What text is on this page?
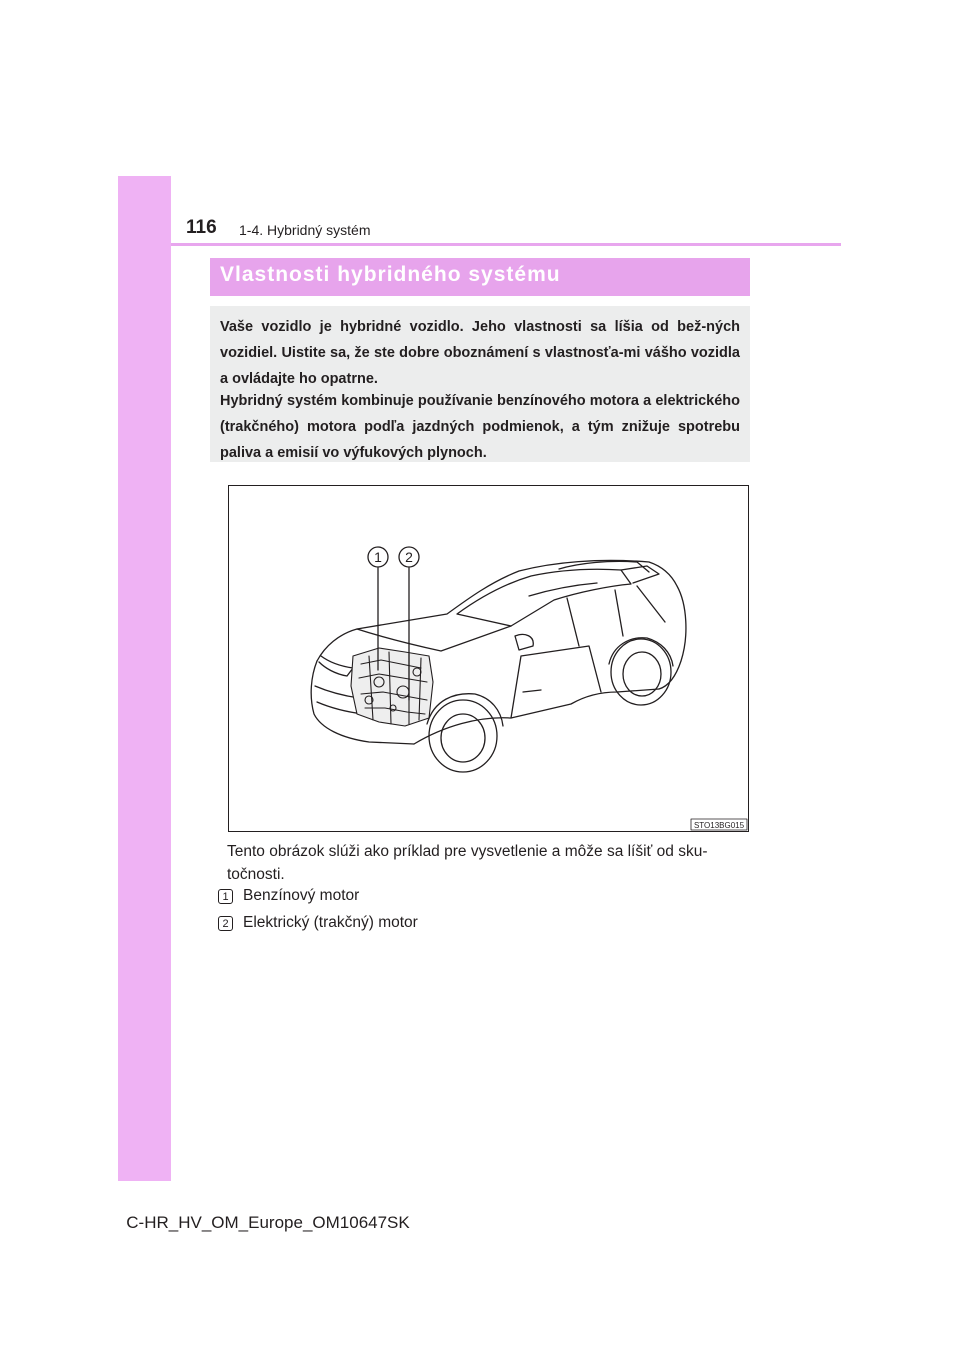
116 1-4. Hybridný systém
Vlastnosti hybridného systému

Vaše vozidlo je hybridné vozidlo. Jeho vlastnosti sa líšia od bež-ných vozidiel. Uistite sa, že ste dobre oboznámení s vlastnosťa-mi vášho vozidla a ovládajte ho opatrne.

Hybridný systém kombinuje používanie benzínového motora a elektrického (trakčného) motora podľa jazdných podmienok, a tým znižuje spotrebu paliva a emisií vo výfukových plynoch.

1 2
STO13BG015

Tento obrázok slúži ako príklad pre vysvetlenie a môže sa líšiť od sku-točnosti.

1 Benzínový motor
2 Elektrický (trakčný) motor
C-HR_HV_OM_Europe_OM10647SK
